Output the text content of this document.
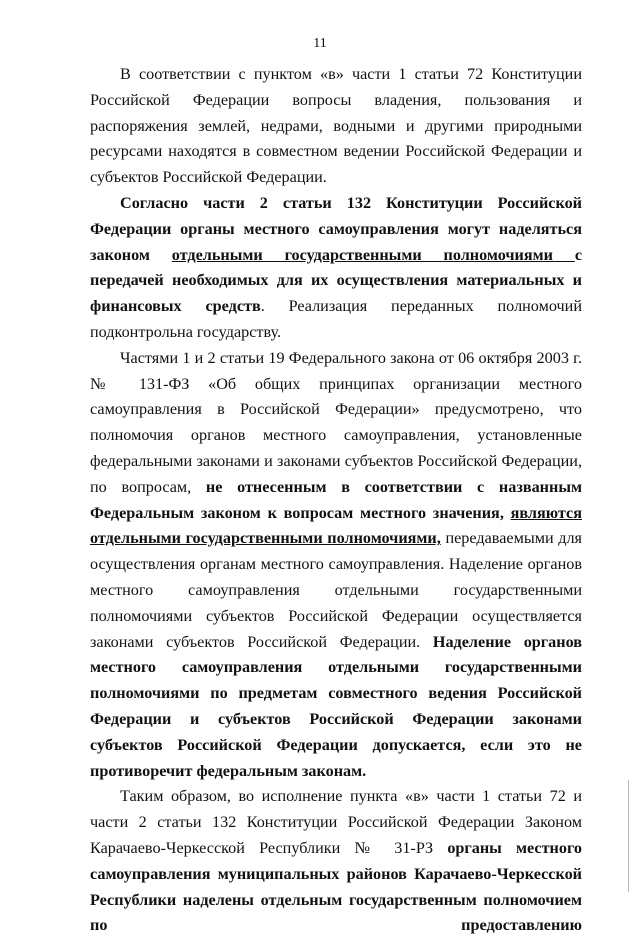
11

В соответствии с пунктом «в» части 1 статьи 72 Конституции Российской Федерации вопросы владения, пользования и распоряжения землей, недрами, водными и другими природными ресурсами находятся в совместном ведении Российской Федерации и субъектов Российской Федерации.

Согласно части 2 статьи 132 Конституции Российской Федерации органы местного самоуправления могут наделяться законом отдельными государственными полномочиями с передачей необходимых для их осуществления материальных и финансовых средств. Реализация переданных полномочий подконтрольна государству.

Частями 1 и 2 статьи 19 Федерального закона от 06 октября 2003 г. № 131-ФЗ «Об общих принципах организации местного самоуправления в Российской Федерации» предусмотрено, что полномочия органов местного самоуправления, установленные федеральными законами и законами субъектов Российской Федерации, по вопросам, не отнесенным в соответствии с названным Федеральным законом к вопросам местного значения, являются отдельными государственными полномочиями, передаваемыми для осуществления органам местного самоуправления. Наделение органов местного самоуправления отдельными государственными полномочиями субъектов Российской Федерации осуществляется законами субъектов Российской Федерации. Наделение органов местного самоуправления отдельными государственными полномочиями по предметам совместного ведения Российской Федерации и субъектов Российской Федерации законами субъектов Российской Федерации допускается, если это не противоречит федеральным законам.

Таким образом, во исполнение пункта «в» части 1 статьи 72 и части 2 статьи 132 Конституции Российской Федерации Законом Карачаево-Черкесской Республики № 31-РЗ органы местного самоуправления муниципальных районов Карачаево-Черкесской Республики наделены отдельным государственным полномочием по предоставлению
